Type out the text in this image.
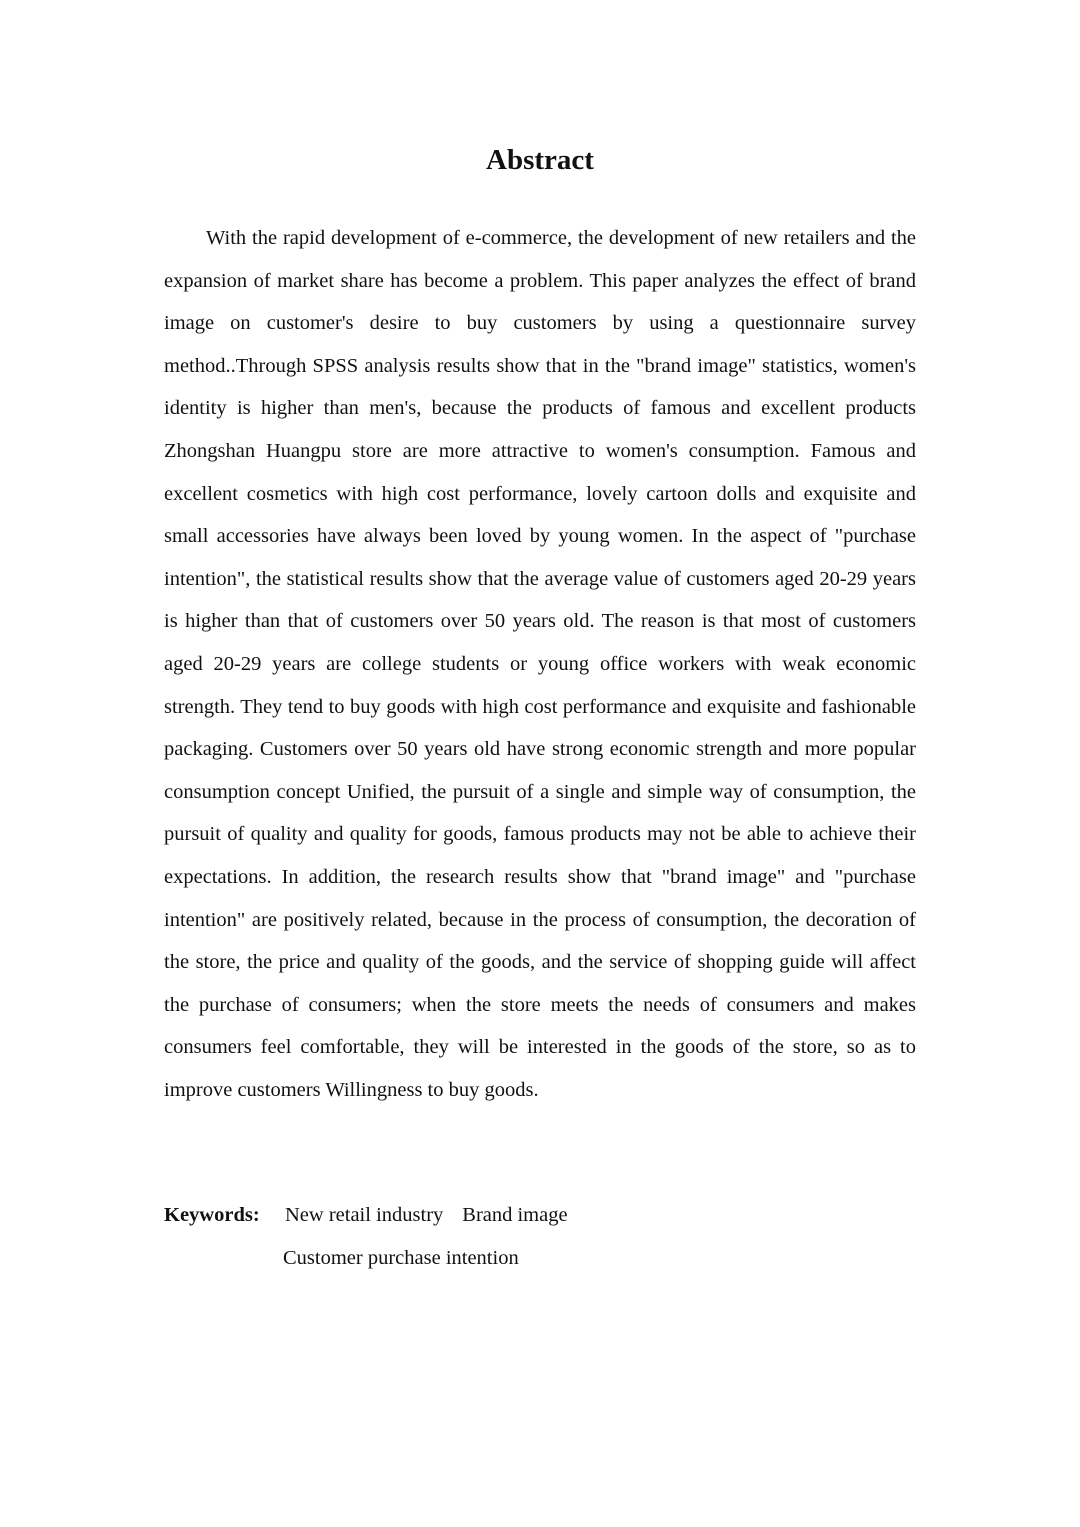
Abstract

With the rapid development of e-commerce, the development of new retailers and the expansion of market share has become a problem. This paper analyzes the effect of brand image on customer's desire to buy customers by using a questionnaire survey method..Through SPSS analysis results show that in the "brand image" statistics, women's identity is higher than men's, because the products of famous and excellent products Zhongshan Huangpu store are more attractive to women's consumption. Famous and excellent cosmetics with high cost performance, lovely cartoon dolls and exquisite and small accessories have always been loved by young women. In the aspect of "purchase intention", the statistical results show that the average value of customers aged 20-29 years is higher than that of customers over 50 years old. The reason is that most of customers aged 20-29 years are college students or young office workers with weak economic strength. They tend to buy goods with high cost performance and exquisite and fashionable packaging. Customers over 50 years old have strong economic strength and more popular consumption concept Unified, the pursuit of a single and simple way of consumption, the pursuit of quality and quality for goods, famous products may not be able to achieve their expectations. In addition, the research results show that "brand image" and "purchase intention" are positively related, because in the process of consumption, the decoration of the store, the price and quality of the goods, and the service of shopping guide will affect the purchase of consumers; when the store meets the needs of consumers and makes consumers feel comfortable, they will be interested in the goods of the store, so as to improve customers Willingness to buy goods.

Keywords: New retail industry Brand image
Customer purchase intention
